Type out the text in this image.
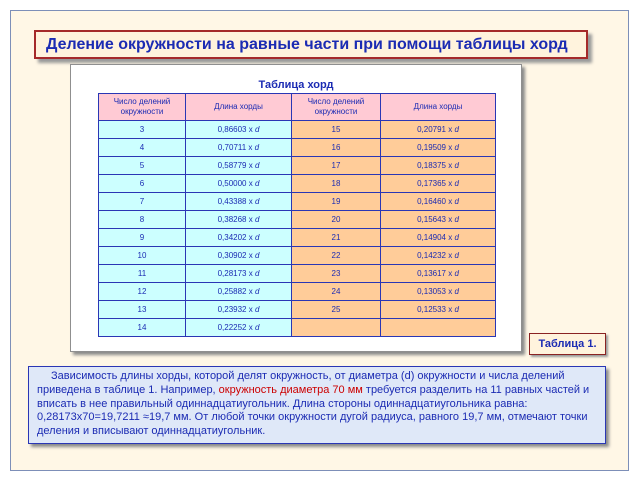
Деление окружности на равные части при помощи таблицы хорд
Таблица хорд
Число делений окружности	Длина хорды	Число делений окружности	Длина хорды
3	0,86603 x d	15	0,20791 x d
4	0,70711 x d	16	0,19509 x d
5	0,58779 x d	17	0,18375 x d
6	0,50000 x d	18	0,17365 x d
7	0,43388 x d	19	0,16460 x d
8	0,38268 x d	20	0,15643 x d
9	0,34202 x d	21	0,14904 x d
10	0,30902 x d	22	0,14232 x d
11	0,28173 x d	23	0,13617 x d
12	0,25882 x d	24	0,13053 x d
13	0,23932 x d	25	0,12533 x d
14	0,22252 x d		
Таблица 1.
Зависимость длины хорды, которой делят окружность, от диаметра (d) окружности и числа делений приведена в таблице 1. Например, окружность диаметра 70 мм требуется разделить на 11 равных частей и вписать в нее правильный одиннадцатиугольник. Длина стороны одиннадцатиугольника равна: 0,28173х70=19,7211 ≈19,7 мм. От любой точки окружности дугой радиуса, равного 19,7 мм, отмечают точки деления и вписывают одиннадцатиугольник.
